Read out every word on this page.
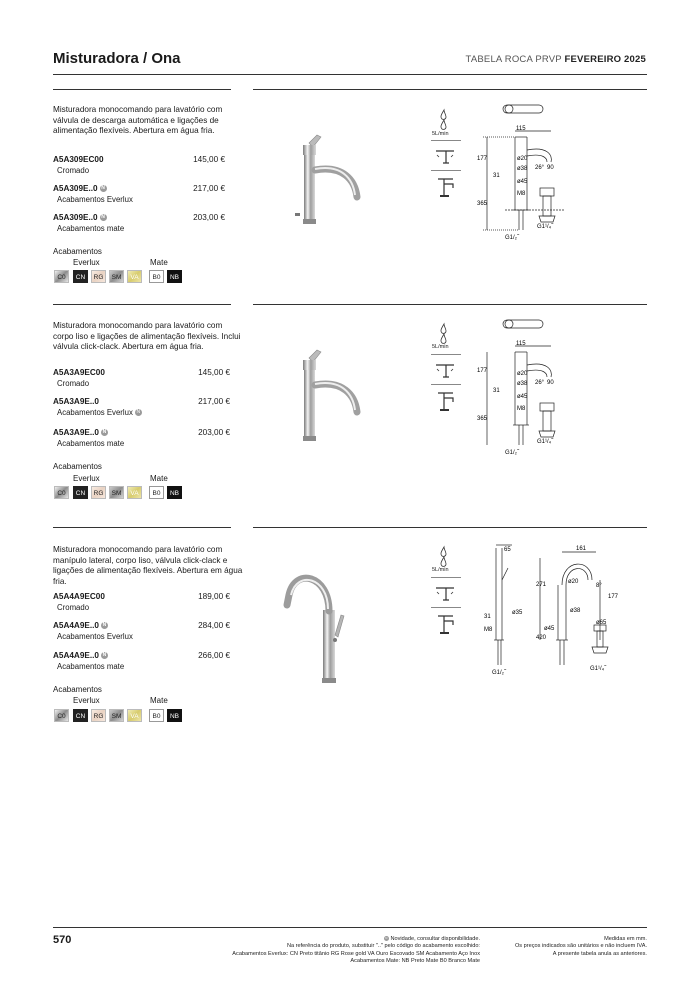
Misturadora / Ona	TABELA ROCA PRVP FEVEREIRO 2025
Misturadora monocomando para lavatório com válvula de descarga automática e ligações de alimentação flexíveis. Abertura em água fria.
A5A309EC00
Cromado
145,00 €
A5A309E..0 N
Acabamentos Everlux
217,00 €
A5A309E..0 N
Acabamentos mate
203,00 €
Acabamentos
Everlux	Mate
C0	CN	RG	SM	VA	B0	NB
5L/min
115
177	ø20
ø38 26° 90
31
ø45
M8
365
G1/₂˝
G1¹/₄˝
Misturadora monocomando para lavatório com corpo liso e ligações de alimentação flexíveis. Inclui válvula click-clack. Abertura em água fria.
A5A3A9EC00
Cromado
145,00 €
A5A3A9E..0
Acabamentos Everlux N
217,00 €
A5A3A9E..0 N
Acabamentos mate
203,00 €
Acabamentos
Everlux	Mate
C0	CN	RG	SM	VA	B0	NB
5L/min	115
177	ø20
ø38 26° 90
31
ø45
M8
365
G1/₂˝
G1¹/₄˝
Misturadora monocomando para lavatório com manípulo lateral, corpo liso, válvula click-clack e ligações de alimentação flexíveis. Abertura em água fria.
A5A4A9EC00
Cromado
189,00 €
A5A4A9E..0 N
Acabamentos Everlux
284,00 €
A5A4A9E..0 N
Acabamentos mate
266,00 €
Acabamentos
Everlux	Mate
C0	CN	RG	SM	VA	B0	NB
5L/min
65	161
271	ø20
8°
177
31
ø35
M8
ø38
420
ø45
ø65
G1/₂˝
G1¹/₄˝
570	N Novidade, consultar disponibilidade.
Na referência do produto, substituir ".." pelo código do acabamento escolhido:
Acabamentos Everlux: CN Preto titânio RG Rose gold VA Ouro Escovado SM Acabamento Aço Inox
Acabamentos Mate: NB Preto Mate B0 Branco Mate
Medidas em mm.
Os preços indicados são unitários e não incluem IVA.
A presente tabela anula as anteriores.
